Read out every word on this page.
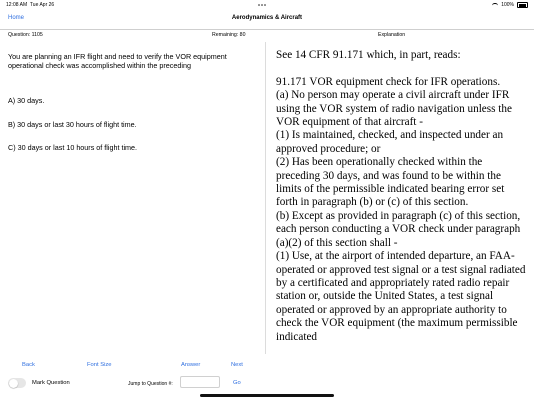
12:08 AM Tue Apr 26	100%
Aerodynamics & Aircraft
Home
Question: 1105	Remaining: 80	Explanation
You are planning an IFR flight and need to verify the VOR equipment operational check was accomplished within the preceding
A) 30 days.
B) 30 days or last 30 hours of flight time.
C) 30 days or last 10 hours of flight time.
See 14 CFR 91.171 which, in part, reads:

91.171 VOR equipment check for IFR operations.
(a) No person may operate a civil aircraft under IFR using the VOR system of radio navigation unless the VOR equipment of that aircraft -
(1) Is maintained, checked, and inspected under an approved procedure; or
(2) Has been operationally checked within the preceding 30 days, and was found to be within the limits of the permissible indicated bearing error set forth in paragraph (b) or (c) of this section.
(b) Except as provided in paragraph (c) of this section, each person conducting a VOR check under paragraph (a)(2) of this section shall -
(1) Use, at the airport of intended departure, an FAA-operated or approved test signal or a test signal radiated by a certificated and appropriately rated radio repair station or, outside the United States, a test signal operated or approved by an appropriate authority to check the VOR equipment (the maximum permissible indicated
Back	Font Size	Answer	Next
Mark Question	Jump to Question #:	Go
